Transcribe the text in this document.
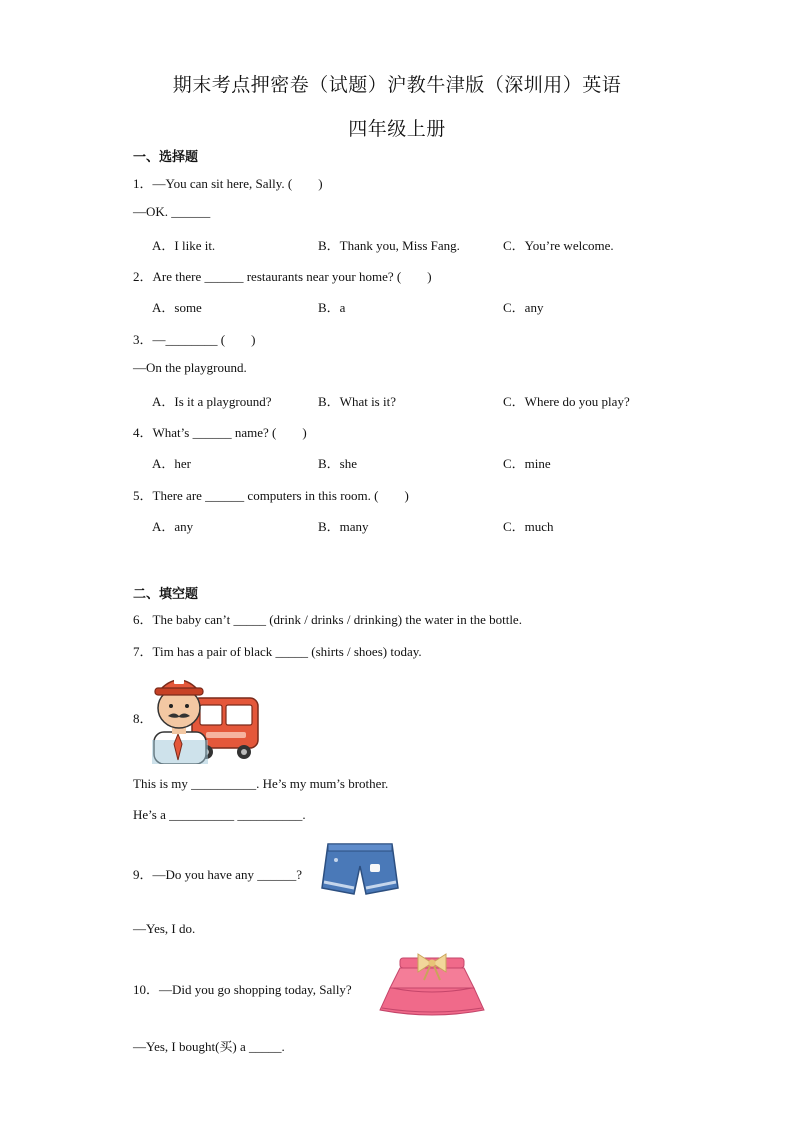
期末考点押密卷（试题）沪教牛津版（深圳用）英语
四年级上册
一、选择题
1．—You can sit here, Sally. (　　)
—OK. ______
A．I like it.	B．Thank you, Miss Fang.	C．You’re welcome.
2．Are there ______ restaurants near your home? (　　)
A．some	B．a	C．any
3．—________ (　　)
—On the playground.
A．Is it a playground?	B．What is it?	C．Where do you play?
4．What’s ______ name? (　　)
A．her	B．she	C．mine
5．There are ______ computers in this room. (　　)
A．any	B．many	C．much
二、填空题
6．The baby can’t _____ (drink / drinks / drinking) the water in the bottle.
7．Tim has a pair of black _____ (shirts / shoes) today.
8．
This is my __________. He’s my mum’s brother.
He’s a __________ __________.
9．—Do you have any ______?
—Yes, I do.
10．—Did you go shopping today, Sally?
—Yes, I bought(买) a _____.
